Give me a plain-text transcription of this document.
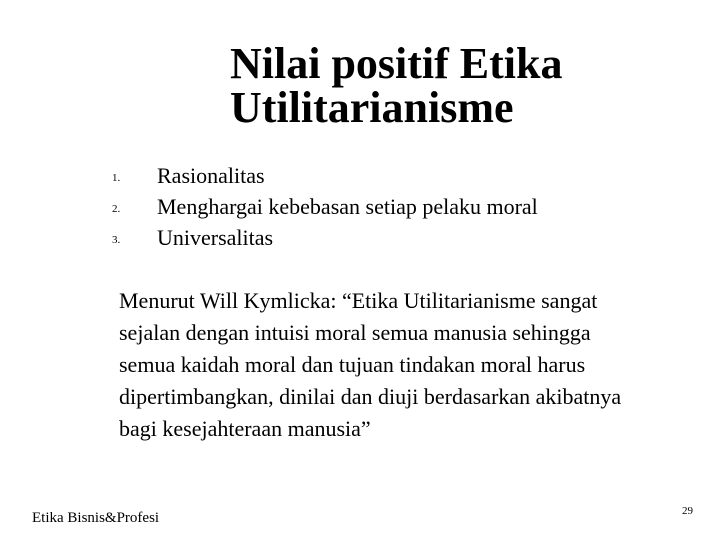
Nilai positif Etika
Utilitarianisme
1. Rasionalitas
2. Menghargai kebebasan setiap pelaku moral
3. Universalitas

Menurut Will Kymlicka: “Etika Utilitarianisme sangat sejalan dengan intuisi moral semua manusia sehingga semua kaidah moral dan tujuan tindakan moral harus dipertimbangkan, dinilai dan diuji berdasarkan akibatnya bagi kesejahteraan manusia”

Etika Bisnis&Profesi	29
